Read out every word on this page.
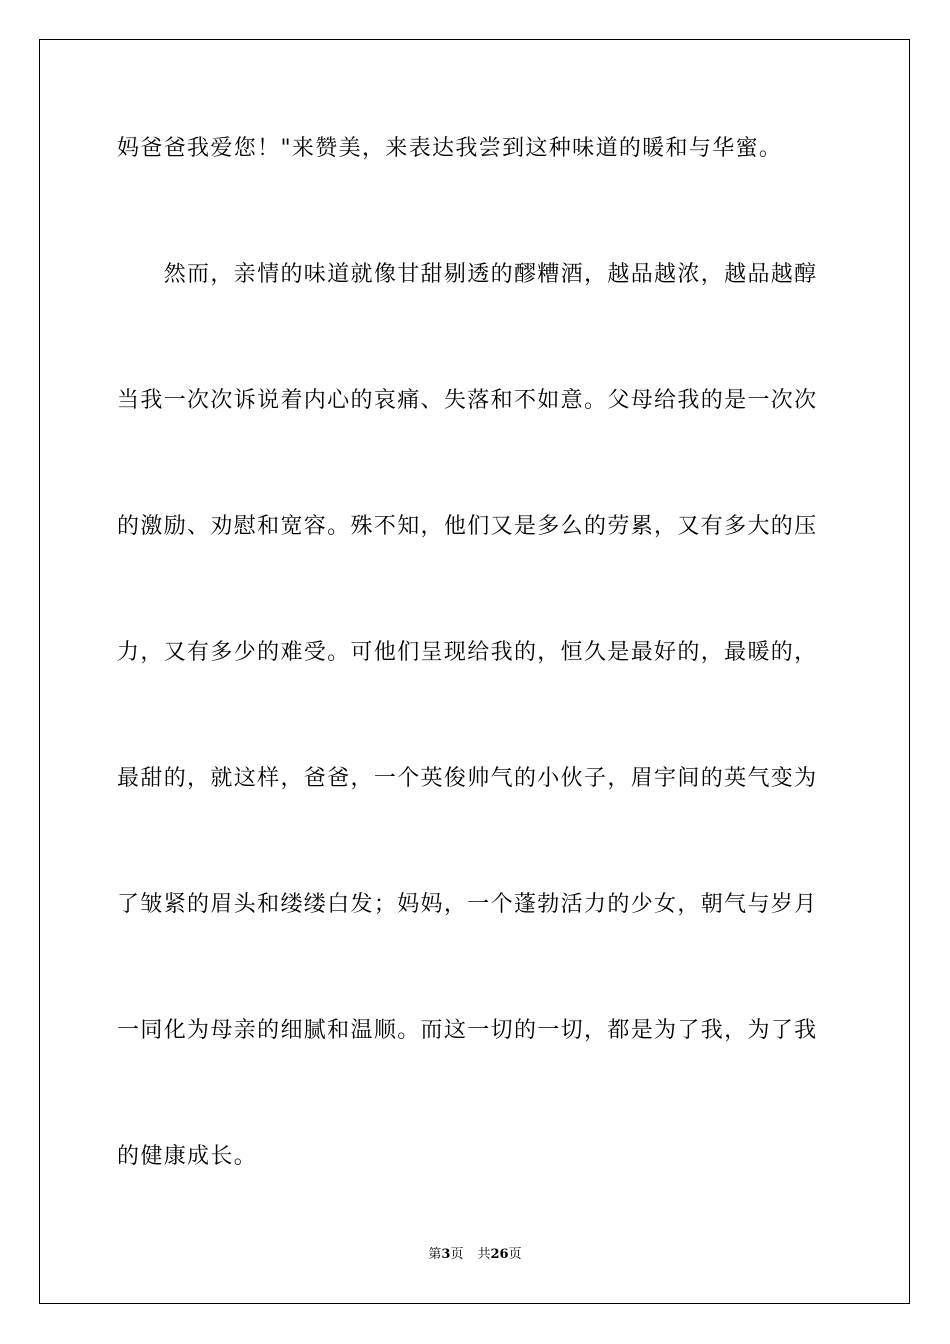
妈爸爸我爱您！"来赞美，来表达我尝到这种味道的暖和与华蜜。
　　然而，亲情的味道就像甘甜剔透的醪糟酒，越品越浓，越品越醇
当我一次次诉说着内心的哀痛、失落和不如意。父母给我的是一次次
的激励、劝慰和宽容。殊不知，他们又是多么的劳累，又有多大的压
力，又有多少的难受。可他们呈现给我的，恒久是最好的，最暖的，
最甜的，就这样，爸爸，一个英俊帅气的小伙子，眉宇间的英气变为
了皱紧的眉头和缕缕白发；妈妈，一个蓬勃活力的少女，朝气与岁月
一同化为母亲的细腻和温顺。而这一切的一切，都是为了我，为了我
的健康成长。
第3页 共26页
